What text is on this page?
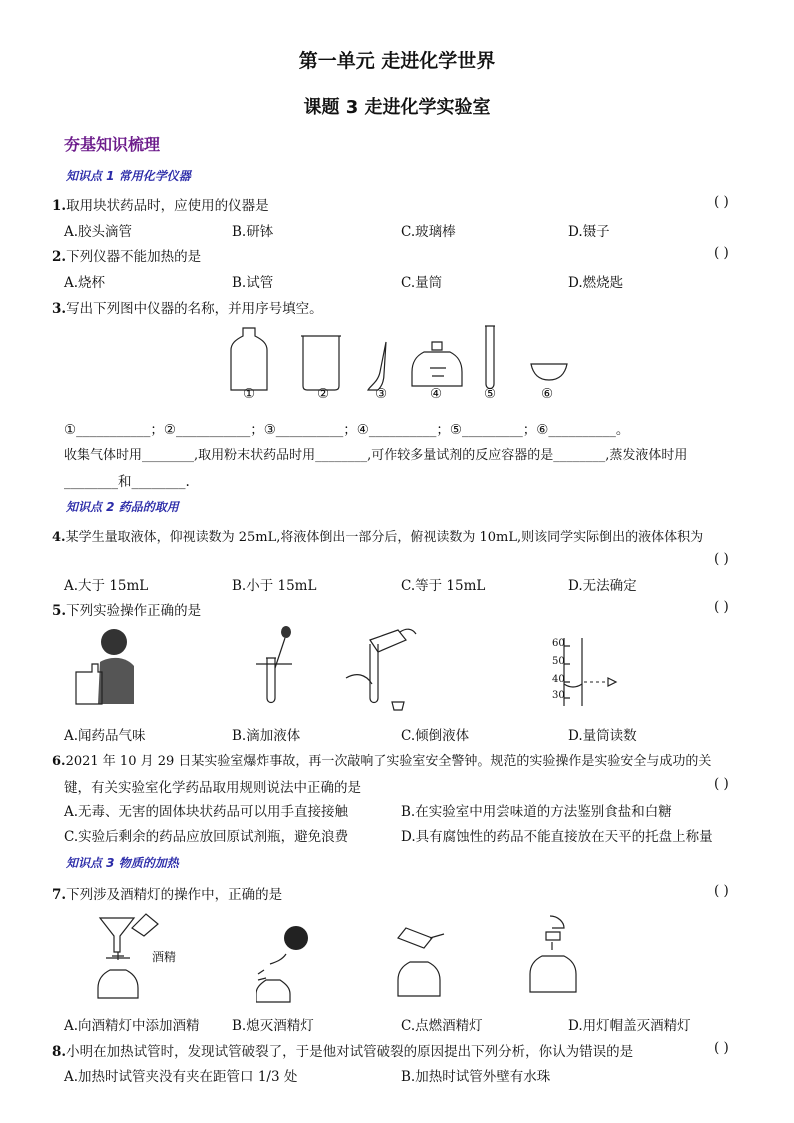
第一单元 走进化学世界
课题 3 走进化学实验室
夯基知识梳理
知识点 1 常用化学仪器
1.取用块状药品时，应使用的仪器是	( )
A.胶头滴管	B.研钵	C.玻璃棒	D.镊子
2.下列仪器不能加热的是	( )
A.烧杯	B.试管	C.量筒	D.燃烧匙
3.写出下列图中仪器的名称，并用序号填空。
①	②	③	④	⑤	⑥
①___________；②___________；③__________；④__________；⑤_________；⑥__________。
收集气体时用________,取用粉末状药品时用________,可作较多量试剂的反应容器的是________,蒸发液体时用
________和________.
知识点 2 药品的取用
4.某学生量取液体，仰视读数为 25mL,将液体倒出一部分后，俯视读数为 10mL,则该同学实际倒出的液体体积为
( )
A.大于 15mL	B.小于 15mL	C.等于 15mL	D.无法确定
5.下列实验操作正确的是	( )
60
50
40
30
A.闻药品气味	B.滴加液体	C.倾倒液体	D.量筒读数
6.2021 年 10 月 29 日某实验室爆炸事故，再一次敲响了实验室安全警钟。规范的实验操作是实验安全与成功的关
键，有关实验室化学药品取用规则说法中正确的是	( )
A.无毒、无害的固体块状药品可以用手直接接触	B.在实验室中用尝味道的方法鉴别食盐和白糖
C.实验后剩余的药品应放回原试剂瓶，避免浪费	D.具有腐蚀性的药品不能直接放在天平的托盘上称量
知识点 3 物质的加热
7.下列涉及酒精灯的操作中，正确的是	( )
酒精
A.向酒精灯中添加酒精 B.熄灭酒精灯	C.点燃酒精灯	D.用灯帽盖灭酒精灯
8.小明在加热试管时，发现试管破裂了，于是他对试管破裂的原因提出下列分析，你认为错误的是	( )
A.加热时试管夹没有夹在距管口 1/3 处	B.加热时试管外壁有水珠
